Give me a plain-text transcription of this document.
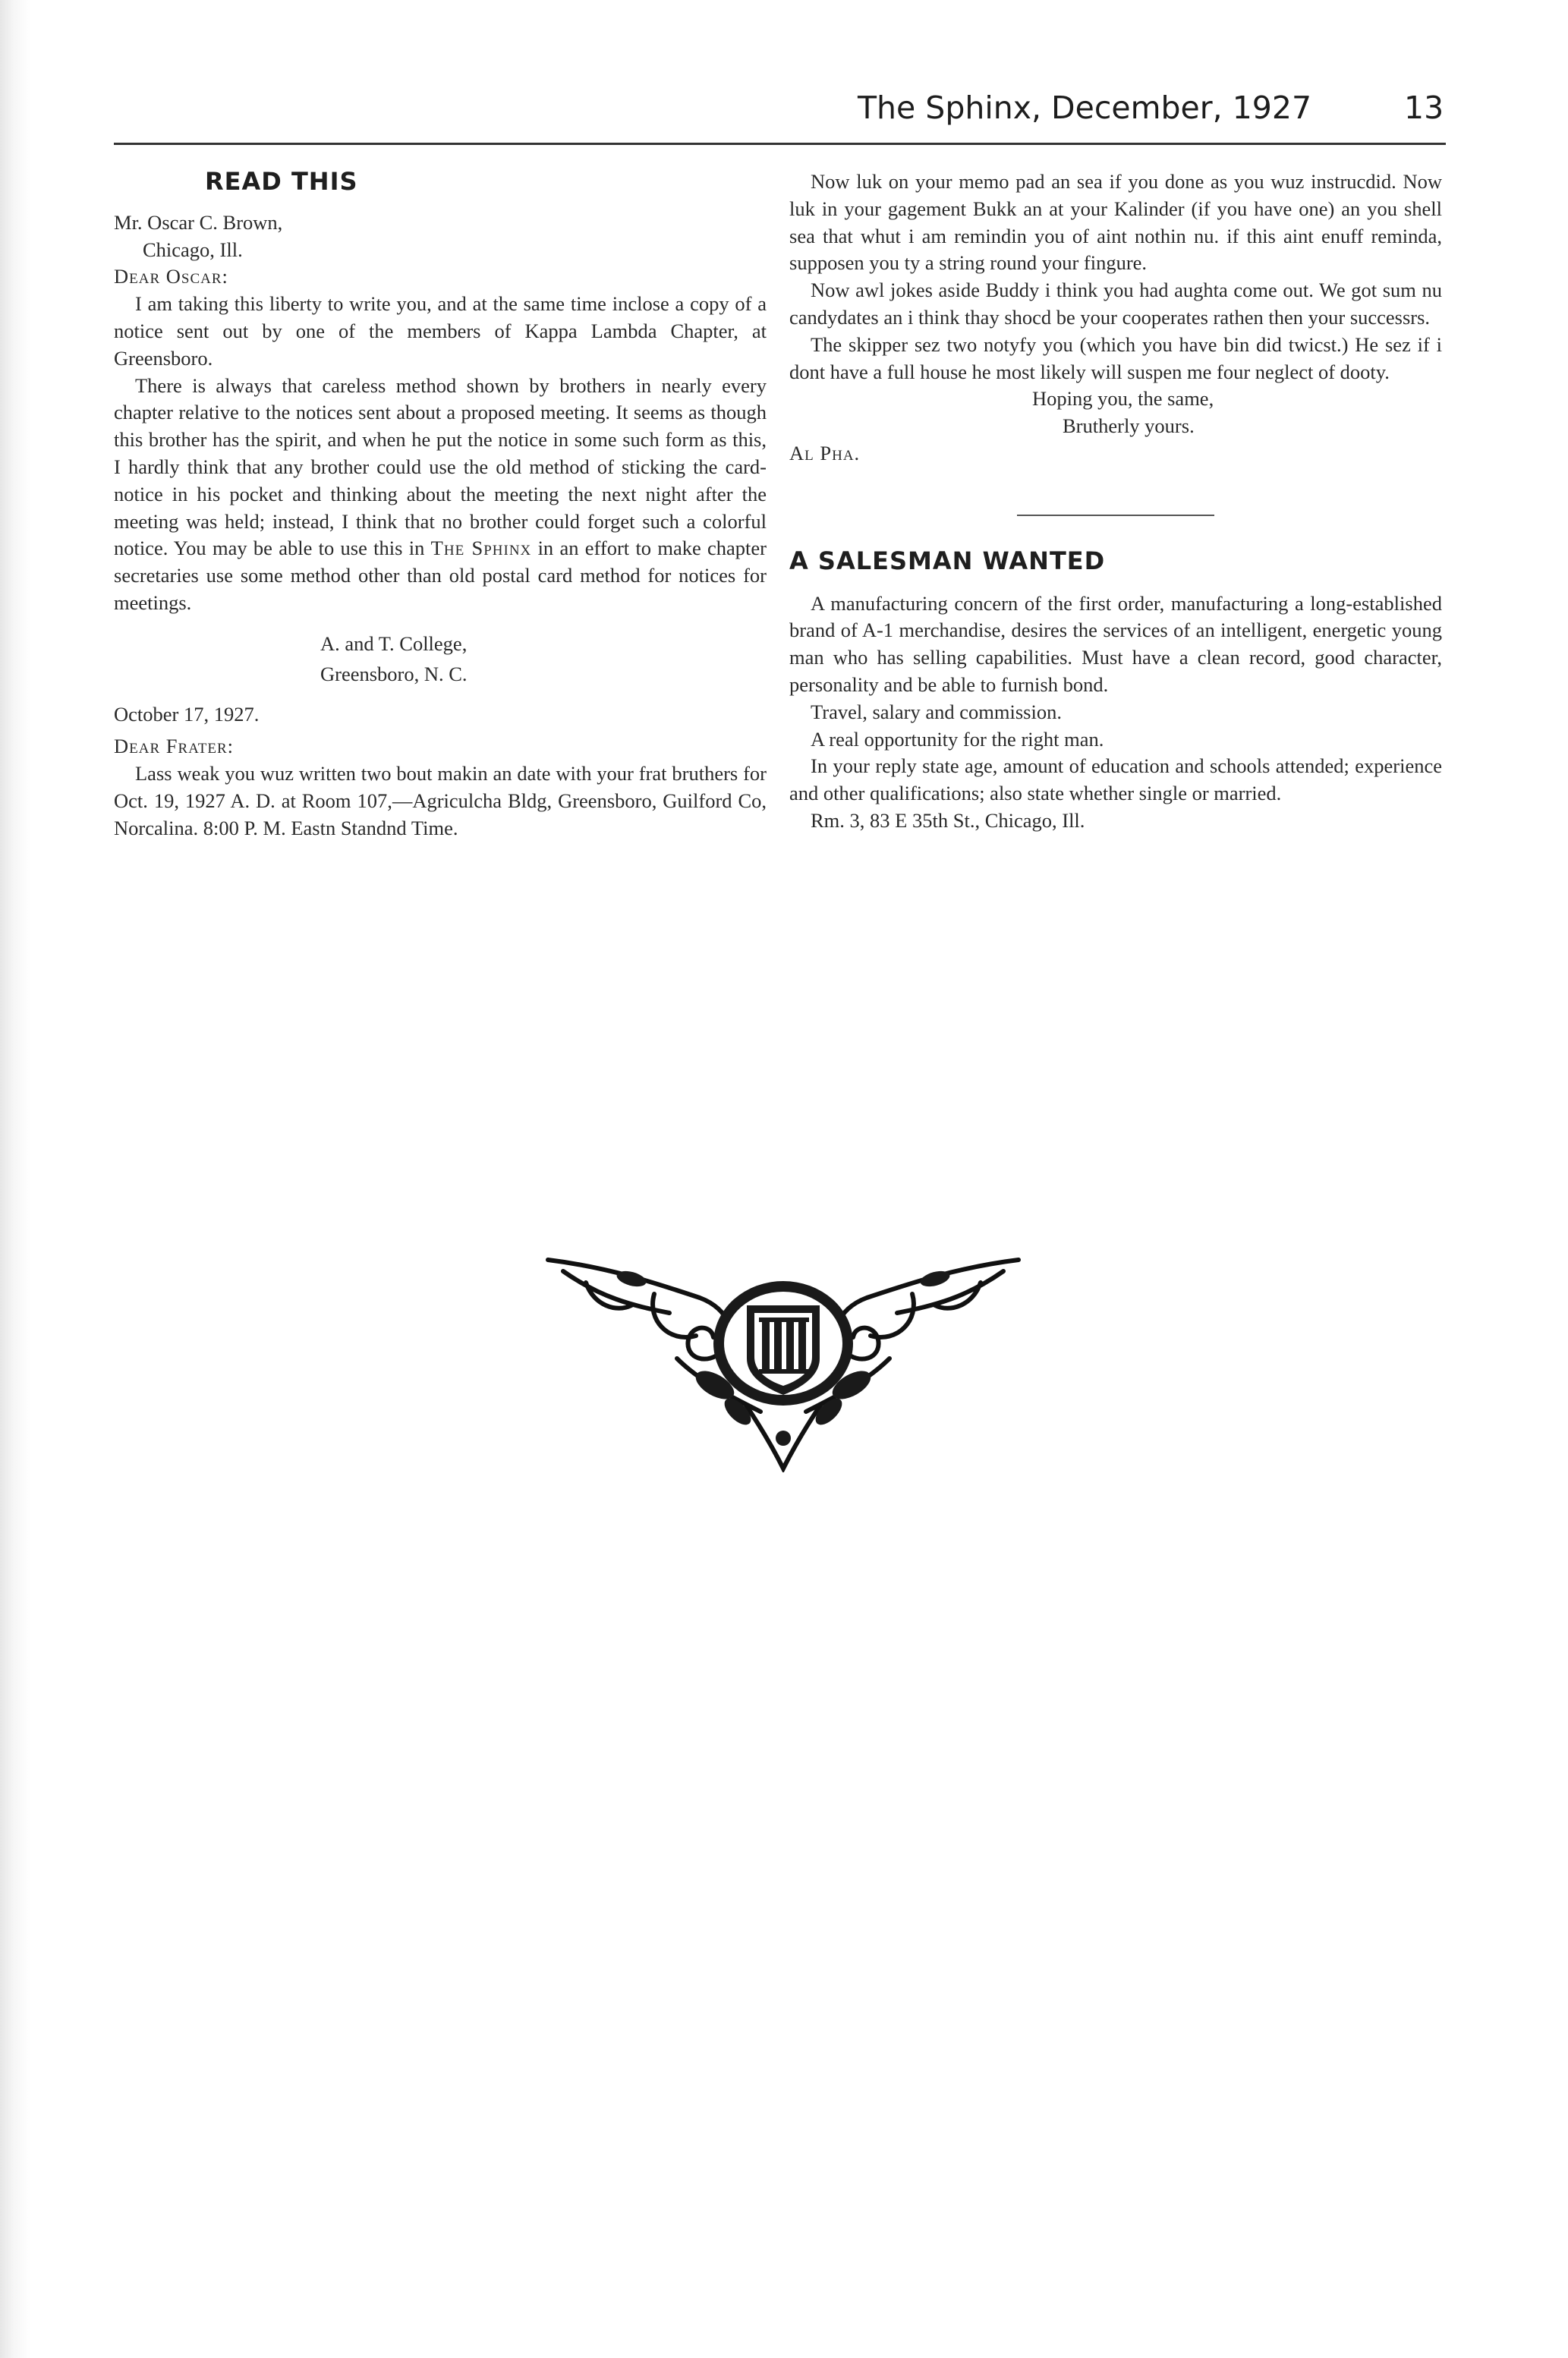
The Sphinx, December, 1927	13

READ THIS

Mr. Oscar C. Brown,

Chicago, Ill.

Dear Oscar:

I am taking this liberty to write you, and at the same time inclose a copy of a notice sent out by one of the members of Kappa Lambda Chapter, at Greensboro.

There is always that careless method shown by brothers in nearly every chapter relative to the notices sent about a proposed meeting. It seems as though this brother has the spirit, and when he put the notice in some such form as this, I hardly think that any brother could use the old method of sticking the card-notice in his pocket and thinking about the meeting the next night after the meeting was held; instead, I think that no brother could forget such a colorful notice. You may be able to use this in The Sphinx in an effort to make chapter secretaries use some method other than old postal card method for notices for meetings.

A. and T. College,

Greensboro, N. C.

October 17, 1927.

Dear Frater:

Lass weak you wuz written two bout makin an date with your frat bruthers for Oct. 19, 1927 A. D. at Room 107,—Agriculcha Bldg, Greensboro, Guilford Co, Norcalina. 8:00 P. M. Eastn Standnd Time.

Now luk on your memo pad an sea if you done as you wuz instrucdid. Now luk in your gagement Bukk an at your Kalinder (if you have one) an you shell sea that whut i am remindin you of aint nothin nu. if this aint enuff reminda, supposen you ty a string round your fingure.

Now awl jokes aside Buddy i think you had aughta come out. We got sum nu candydates an i think thay shocd be your cooperates rathen then your successrs.

The skipper sez two notyfy you (which you have bin did twicst.) He sez if i dont have a full house he most likely will suspen me four neglect of dooty.

Hoping you, the same,

Brutherly yours.

Al Pha.

A SALESMAN WANTED

A manufacturing concern of the first order, manufacturing a long-established brand of A-1 merchandise, desires the services of an intelligent, energetic young man who has selling capabilities. Must have a clean record, good character, personality and be able to furnish bond.

Travel, salary and commission.

A real opportunity for the right man.

In your reply state age, amount of education and schools attended; experience and other qualifications; also state whether single or married.

Rm. 3, 83 E 35th St., Chicago, Ill.
